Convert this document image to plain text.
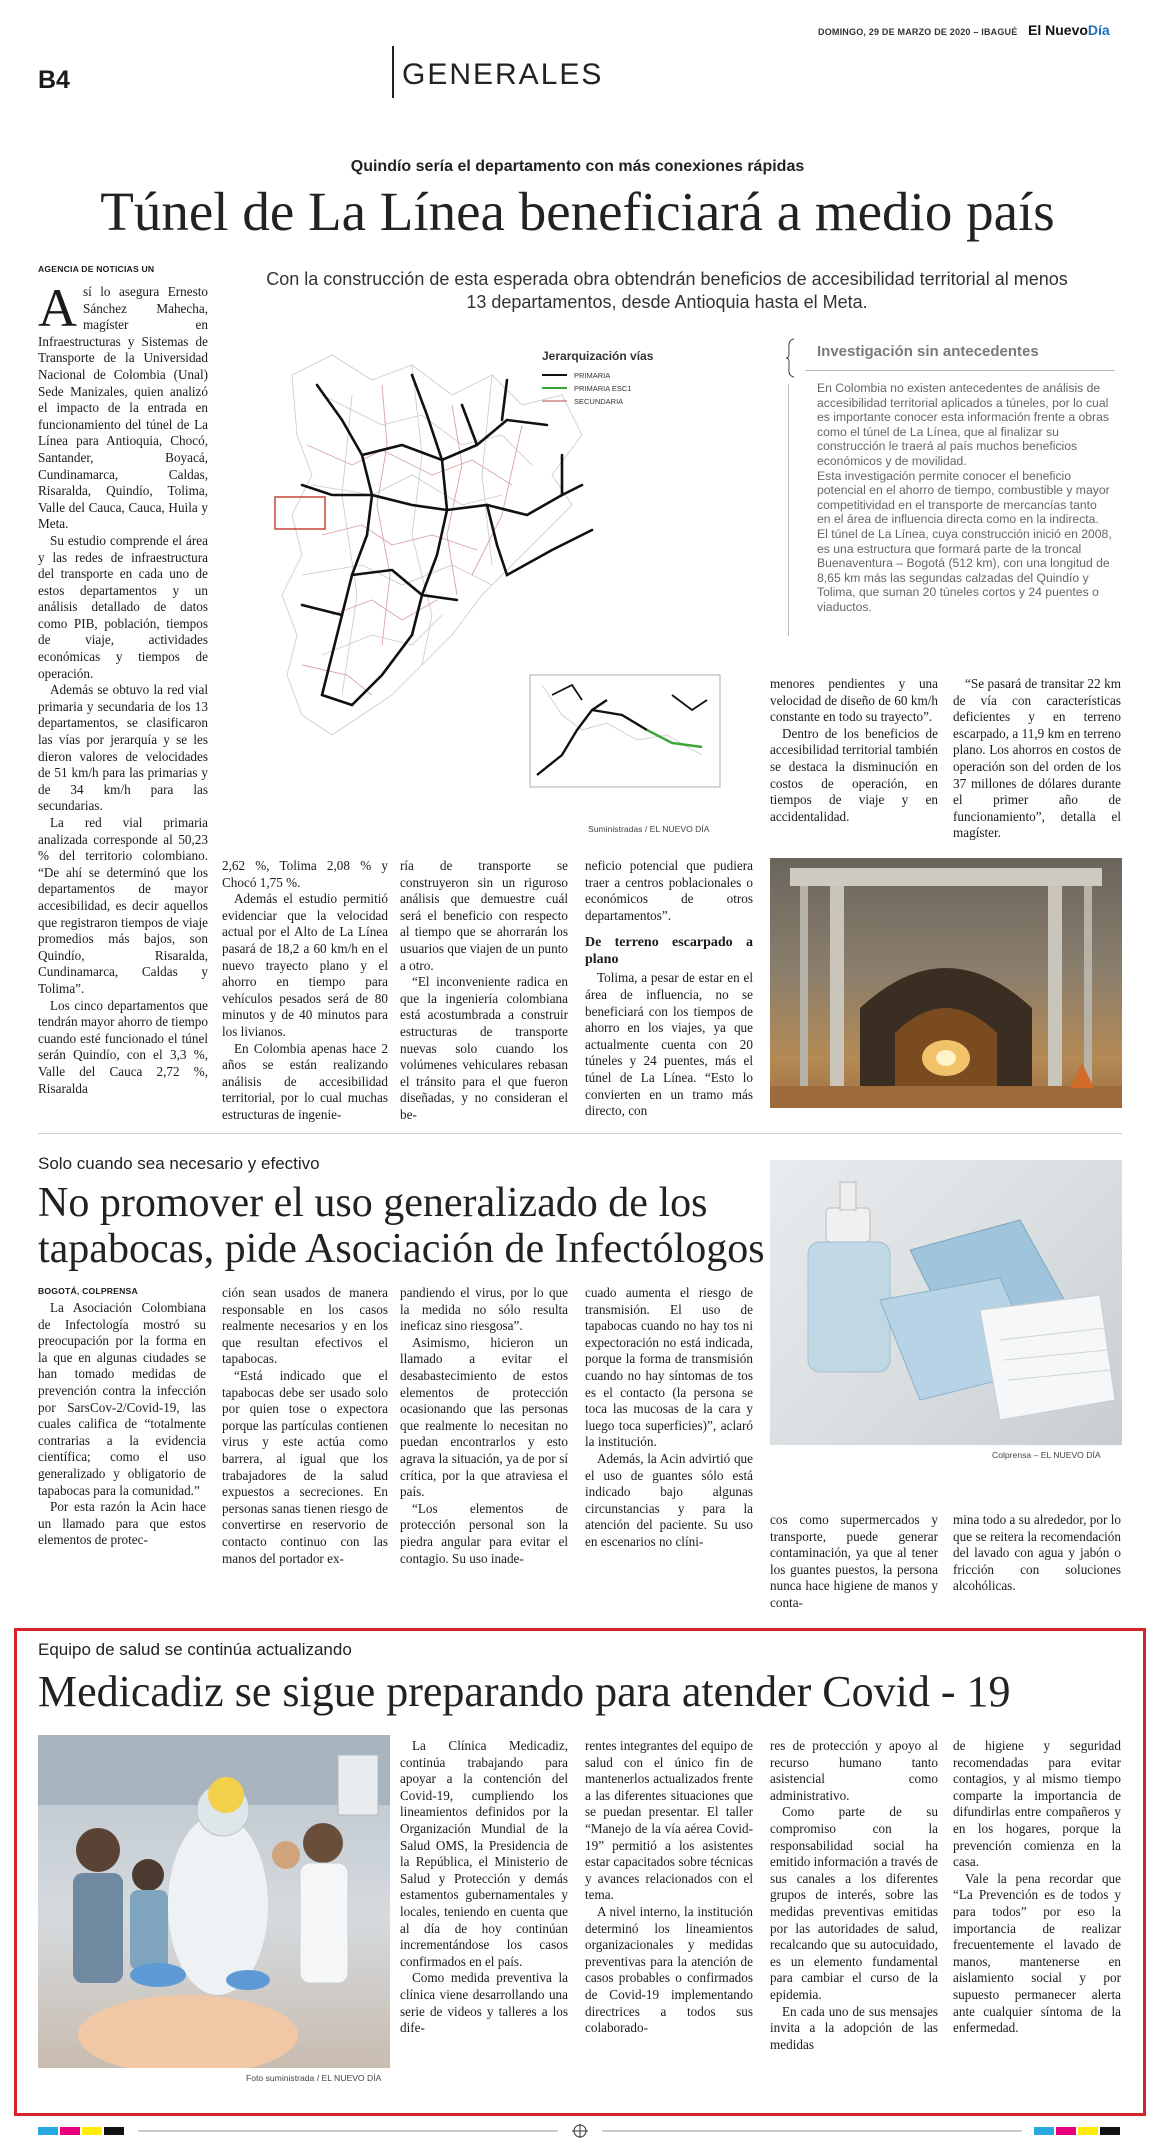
DOMINGO, 29 DE MARZO DE 2020 – IBAGUÉ El NuevoDía
B4	GENERALES
Quindío sería el departamento con más conexiones rápidas
Túnel de La Línea beneficiará a medio país
AGENCIA DE NOTICIAS UN	Con la construcción de esta esperada obra obtendrán beneficios de accesibilidad territorial al menos 13 departamentos, desde Antioquia hasta el Meta.
A sí lo asegura Ernesto Sánchez Mahecha, magíster en Infraestructuras y Sistemas de Transporte de la Universidad Nacional de Colombia (Unal) Sede Manizales, quien analizó el impacto de la entrada en funcionamiento del túnel de La Línea para Antioquia, Chocó, Santander, Boyacá, Cundinamarca, Caldas, Risaralda, Quindío, Tolima, Valle del Cauca, Cauca, Huila y Meta.

Su estudio comprende el área y las redes de infraestructura del transporte en cada uno de estos departamentos y un análisis detallado de datos como PIB, población, tiempos de viaje, actividades económicas y tiempos de operación.

Además se obtuvo la red vial primaria y secundaria de los 13 departamentos, se clasificaron las vías por jerarquía y se les dieron valores de velocidades de 51 km/h para las primarias y de 34 km/h para las secundarias.

La red vial primaria analizada corresponde al 50,23 % del territorio colombiano. “De ahí se determinó que los departamentos de mayor accesibilidad, es decir aquellos que registraron tiempos de viaje promedios más bajos, son Quindío, Risaralda, Cundinamarca, Caldas y Tolima”.

Los cinco departamentos que tendrán mayor ahorro de tiempo cuando esté funcionado el túnel serán Quindío, con el 3,3 %, Valle del Cauca 2,72 %, Risaralda

Jerarquización vías
PRIMARIA
PRIMARIA ESC1
SECUNDARIA
Suministradas / EL NUEVO DÍA
Investigación sin antecedentes
En Colombia no existen antecedentes de análisis de accesibilidad territorial aplicados a túneles, por lo cual es importante conocer esta información frente a obras como el túnel de La Línea, que al finalizar su construcción le traerá al país muchos beneficios económicos y de movilidad.
Esta investigación permite conocer el beneficio potencial en el ahorro de tiempo, combustible y mayor competitividad en el transporte de mercancías tanto en el área de influencia directa como en la indirecta.
El túnel de La Línea, cuya construcción inició en 2008, es una estructura que formará parte de la troncal Buenaventura – Bogotá (512 km), con una longitud de 8,65 km más las segundas calzadas del Quindío y Tolima, que suman 20 túneles cortos y 24 puentes o viaductos.

2,62 %, Tolima 2,08 % y Chocó 1,75 %.

Además el estudio permitió evidenciar que la velocidad actual por el Alto de La Línea pasará de 18,2 a 60 km/h en el nuevo trayecto plano y el ahorro en tiempo para vehículos pesados será de 80 minutos y de 40 minutos para los livianos.

En Colombia apenas hace 2 años se están realizando análisis de accesibilidad territorial, por lo cual muchas estructuras de ingenie-

ría de transporte se construyeron sin un riguroso análisis que demuestre cuál será el beneficio con respecto al tiempo que se ahorrarán los usuarios que viajen de un punto a otro.

“El inconveniente radica en que la ingeniería colombiana está acostumbrada a construir estructuras de transporte nuevas solo cuando los volúmenes vehiculares rebasan el tránsito para el que fueron diseñadas, y no consideran el be-

neficio potencial que pudiera traer a centros poblacionales o económicos de otros departamentos”.

De terreno escarpado a plano

Tolima, a pesar de estar en el área de influencia, no se beneficiará con los tiempos de ahorro en los viajes, ya que actualmente cuenta con 20 túneles y 24 puentes, más el túnel de La Línea. “Esto lo convierten en un tramo más directo, con

menores pendientes y una velocidad de diseño de 60 km/h constante en todo su trayecto”.

Dentro de los beneficios de accesibilidad territorial también se destaca la disminución en costos de operación, en tiempos de viaje y en accidentalidad.

“Se pasará de transitar 22 km de vía con características deficientes y en terreno escarpado, a 11,9 km en terreno plano. Los ahorros en costos de operación son del orden de los 37 millones de dólares durante el primer año de funcionamiento”, detalla el magíster.

Solo cuando sea necesario y efectivo
No promover el uso generalizado de los
tapabocas, pide Asociación de Infectólogos
BOGOTÁ, COLPRENSA

La Asociación Colombiana de Infectología mostró su preocupación por la forma en la que en algunas ciudades se han tomado medidas de prevención contra la infección por SarsCov-2/Covid-19, las cuales califica de “totalmente contrarias a la evidencia científica; como el uso generalizado y obligatorio de tapabocas para la comunidad.”

Por esta razón la Acin hace un llamado para que estos elementos de protec-

ción sean usados de manera responsable en los casos realmente necesarios y en los que resultan efectivos el tapabocas.

“Está indicado que el tapabocas debe ser usado solo por quien tose o expectora porque las partículas contienen virus y este actúa como barrera, al igual que los trabajadores de la salud expuestos a secreciones. En personas sanas tienen riesgo de convertirse en reservorio de contacto continuo con las manos del portador ex-

pandiendo el virus, por lo que la medida no sólo resulta ineficaz sino riesgosa”.

Asimismo, hicieron un llamado a evitar el desabastecimiento de estos elementos de protección ocasionando que las personas que realmente lo necesitan no puedan encontrarlos y esto agrava la situación, ya de por sí crítica, por la que atraviesa el país.

“Los elementos de protección personal son la piedra angular para evitar el contagio. Su uso inade-

cuado aumenta el riesgo de transmisión. El uso de tapabocas cuando no hay tos ni expectoración no está indicada, porque la forma de transmisión cuando no hay síntomas de tos es el contacto (la persona se toca las mucosas de la cara y luego toca superficies)”, aclaró la institución.

Además, la Acin advirtió que el uso de guantes sólo está indicado bajo algunas circunstancias y para la atención del paciente. Su uso en escenarios no clíni-

cos como supermercados y transporte, puede generar contaminación, ya que al tener los guantes puestos, la persona nunca hace higiene de manos y conta-

mina todo a su alrededor, por lo que se reitera la recomendación del lavado con agua y jabón o fricción con soluciones alcohólicas.

Colprensa – EL NUEVO DÍA
Equipo de salud se continúa actualizando
Medicadiz se sigue preparando para atender Covid - 19
Foto suministrada / EL NUEVO DÍA

La Clínica Medicadiz, continúa trabajando para apoyar a la contención del Covid-19, cumpliendo los lineamientos definidos por la Organización Mundial de la Salud OMS, la Presidencia de la República, el Ministerio de Salud y Protección y demás estamentos gubernamentales y locales, teniendo en cuenta que al día de hoy continúan incrementándose los casos confirmados en el país.

Como medida preventiva la clínica viene desarrollando una serie de videos y talleres a los dife-

rentes integrantes del equipo de salud con el único fin de mantenerlos actualizados frente a las diferentes situaciones que se puedan presentar. El taller “Manejo de la vía aérea Covid-19” permitió a los asistentes estar capacitados sobre técnicas y avances relacionados con el tema.

A nivel interno, la institución determinó los lineamientos organizacionales y medidas preventivas para la atención de casos probables o confirmados de Covid-19 implementando directrices a todos sus colaborado-

res de protección y apoyo al recurso humano tanto asistencial como administrativo.

Como parte de su compromiso con la responsabilidad social ha emitido información a través de sus canales a los diferentes grupos de interés, sobre las medidas preventivas emitidas por las autoridades de salud, recalcando que su autocuidado, es un elemento fundamental para cambiar el curso de la epidemia.

En cada uno de sus mensajes invita a la adopción de las medidas

de higiene y seguridad recomendadas para evitar contagios, y al mismo tiempo comparte la importancia de difundirlas entre compañeros y en los hogares, porque la prevención comienza en la casa.

Vale la pena recordar que “La Prevención es de todos y para todos” por eso la importancia de realizar frecuentemente el lavado de manos, mantenerse en aislamiento social y por supuesto permanecer alerta ante cualquier síntoma de la enfermedad.
